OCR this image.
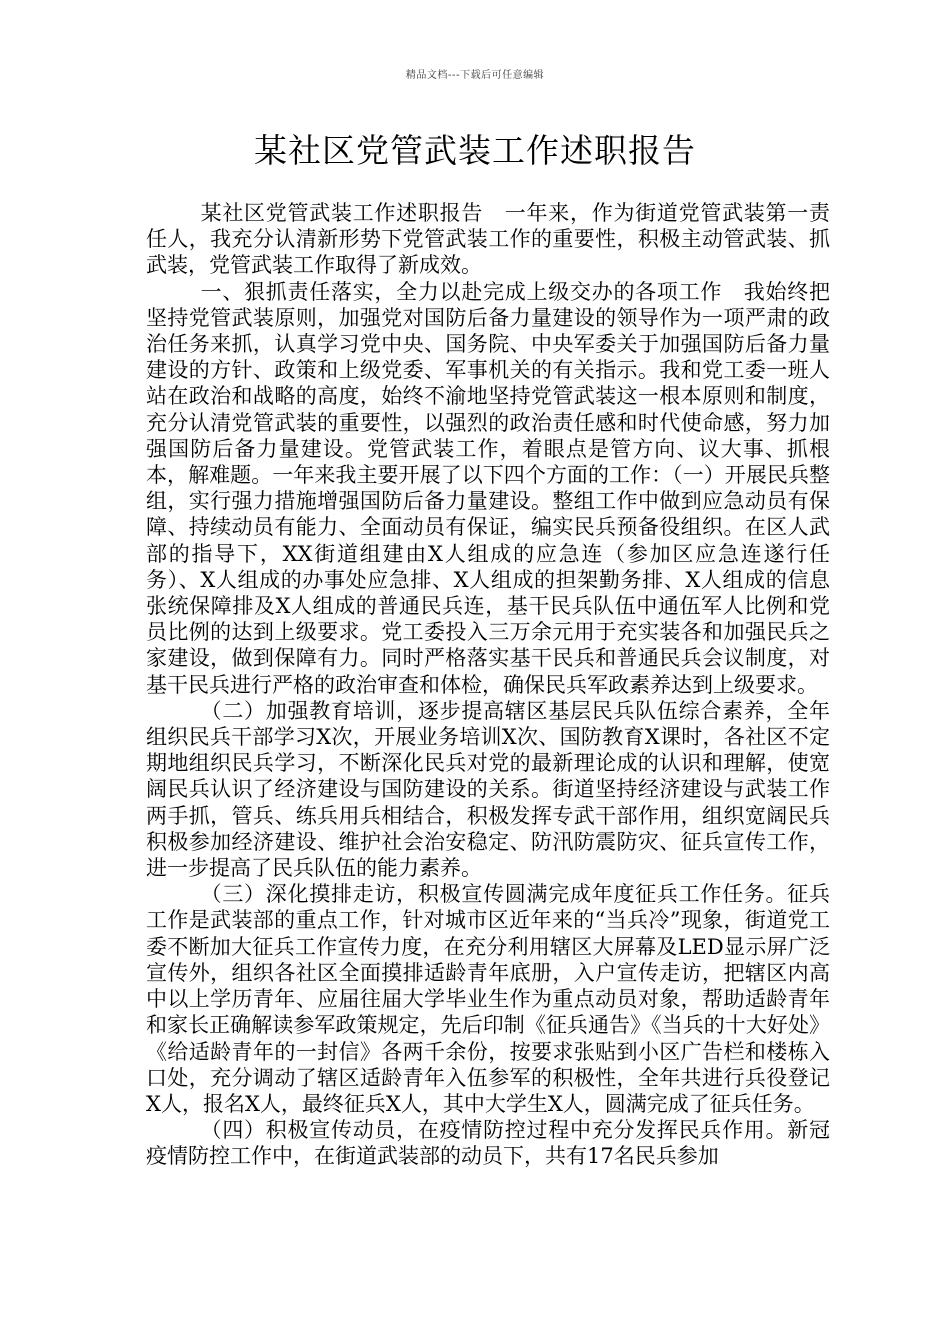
精品文档---下载后可任意编辑
某社区党管武装工作述职报告

某社区党管武装工作述职报告　一年来，作为街道党管武装第一责任人，我充分认清新形势下党管武装工作的重要性，积极主动管武装、抓武装，党管武装工作取得了新成效。

一、狠抓责任落实，全力以赴完成上级交办的各项工作　我始终把坚持党管武装原则，加强党对国防后备力量建设的领导作为一项严肃的政治任务来抓，认真学习党中央、国务院、中央军委关于加强国防后备力量建设的方针、政策和上级党委、军事机关的有关指示。我和党工委一班人站在政治和战略的高度，始终不渝地坚持党管武装这一根本原则和制度，充分认清党管武装的重要性，以强烈的政治责任感和时代使命感，努力加强国防后备力量建设。党管武装工作，着眼点是管方向、议大事、抓根本，解难题。一年来我主要开展了以下四个方面的工作：（一）开展民兵整组，实行强力措施增强国防后备力量建设。整组工作中做到应急动员有保障、持续动员有能力、全面动员有保证，编实民兵预备役组织。在区人武部的指导下，XX街道组建由X人组成的应急连（参加区应急连遂行任务）、X人组成的办事处应急排、X人组成的担架勤务排、X人组成的信息张统保障排及X人组成的普通民兵连，基干民兵队伍中通伍军人比例和党员比例的达到上级要求。党工委投入三万余元用于充实装各和加强民兵之家建设，做到保障有力。同时严格落实基干民兵和普通民兵会议制度，对基干民兵进行严格的政治审查和体检，确保民兵军政素养达到上级要求。

（二）加强教育培训，逐步提高辖区基层民兵队伍综合素养，全年组织民兵干部学习X次，开展业务培训X次、国防教育X课时，各社区不定期地组织民兵学习，不断深化民兵对党的最新理论成的认识和理解，使宽阔民兵认识了经济建设与国防建设的关系。街道坚持经济建设与武装工作两手抓，管兵、练兵用兵相结合，积极发挥专武干部作用，组织宽阔民兵积极参加经济建设、维护社会治安稳定、防汛防震防灾、征兵宣传工作，进一步提高了民兵队伍的能力素养。

（三）深化摸排走访，积极宣传圆满完成年度征兵工作任务。征兵工作是武装部的重点工作，针对城市区近年来的“当兵冷”现象，街道党工委不断加大征兵工作宣传力度，在充分利用辖区大屏幕及LED显示屏广泛宣传外，组织各社区全面摸排适龄青年底册，入户宣传走访，把辖区内高中以上学历青年、应届往届大学毕业生作为重点动员对象，帮助适龄青年和家长正确解读参军政策规定，先后印制《征兵通告》《当兵的十大好处》《给适龄青年的一封信》各两千余份，按要求张贴到小区广告栏和楼栋入口处，充分调动了辖区适龄青年入伍参军的积极性，全年共进行兵役登记X人，报名X人，最终征兵X人，其中大学生X人，圆满完成了征兵任务。

（四）积极宣传动员，在疫情防控过程中充分发挥民兵作用。新冠疫情防控工作中，在街道武装部的动员下，共有17名民兵参加
